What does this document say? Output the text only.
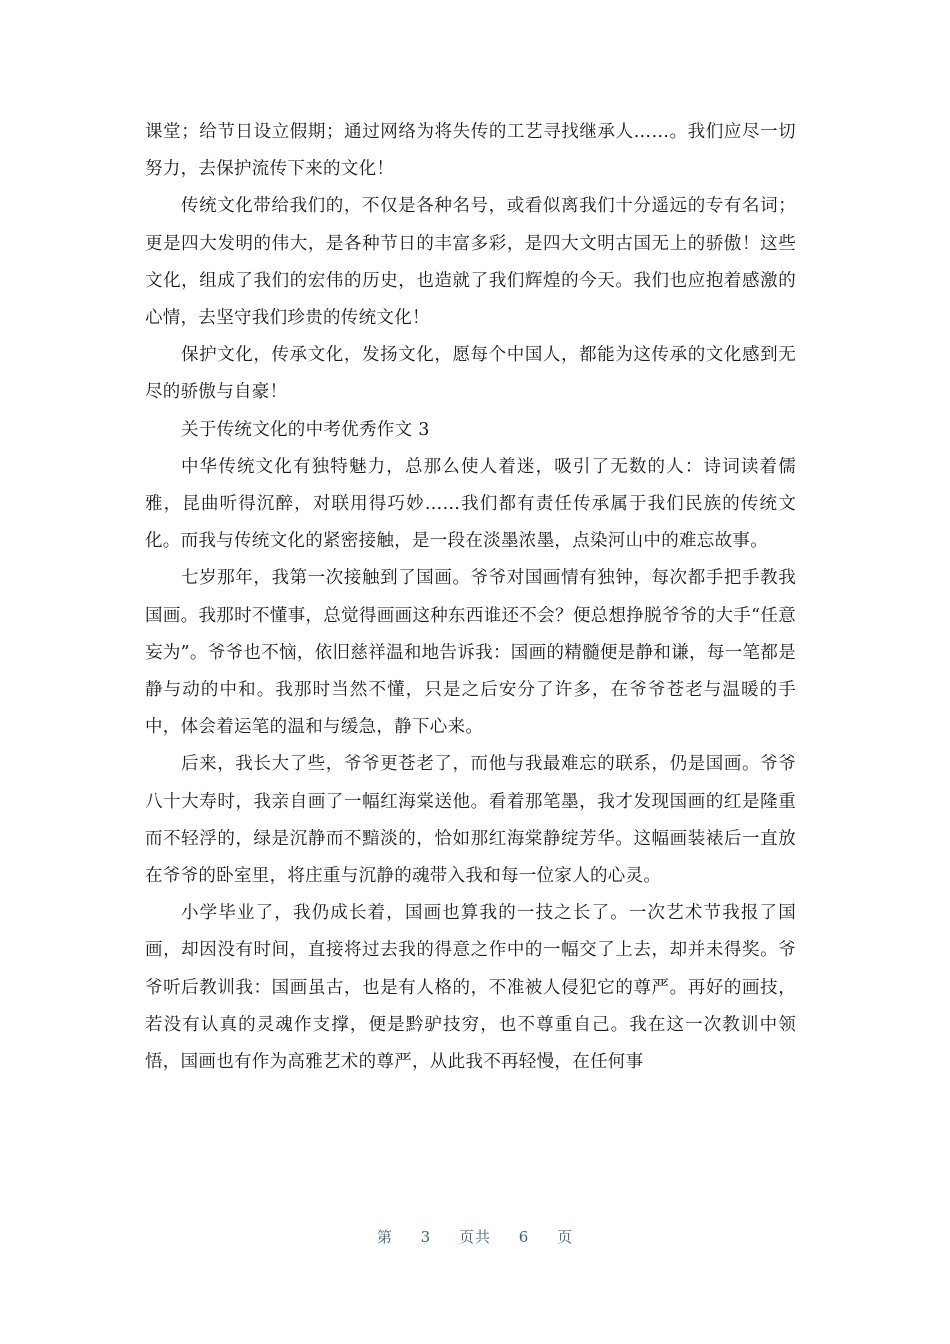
课堂；给节日设立假期；通过网络为将失传的工艺寻找继承人……。我们应尽一切努力，去保护流传下来的文化！

传统文化带给我们的，不仅是各种名号，或看似离我们十分遥远的专有名词；更是四大发明的伟大，是各种节日的丰富多彩，是四大文明古国无上的骄傲！这些文化，组成了我们的宏伟的历史，也造就了我们辉煌的今天。我们也应抱着感激的心情，去坚守我们珍贵的传统文化！

保护文化，传承文化，发扬文化，愿每个中国人，都能为这传承的文化感到无尽的骄傲与自豪！

关于传统文化的中考优秀作文 3

中华传统文化有独特魅力，总那么使人着迷，吸引了无数的人：诗词读着儒雅，昆曲听得沉醉，对联用得巧妙……我们都有责任传承属于我们民族的传统文化。而我与传统文化的紧密接触，是一段在淡墨浓墨，点染河山中的难忘故事。

七岁那年，我第一次接触到了国画。爷爷对国画情有独钟，每次都手把手教我国画。我那时不懂事，总觉得画画这种东西谁还不会？便总想挣脱爷爷的大手“任意妄为”。爷爷也不恼，依旧慈祥温和地告诉我：国画的精髓便是静和谦，每一笔都是静与动的中和。我那时当然不懂，只是之后安分了许多，在爷爷苍老与温暖的手中，体会着运笔的温和与缓急，静下心来。

后来，我长大了些，爷爷更苍老了，而他与我最难忘的联系，仍是国画。爷爷八十大寿时，我亲自画了一幅红海棠送他。看着那笔墨，我才发现国画的红是隆重而不轻浮的，绿是沉静而不黯淡的，恰如那红海棠静绽芳华。这幅画装裱后一直放在爷爷的卧室里，将庄重与沉静的魂带入我和每一位家人的心灵。

小学毕业了，我仍成长着，国画也算我的一技之长了。一次艺术节我报了国画，却因没有时间，直接将过去我的得意之作中的一幅交了上去，却并未得奖。爷爷听后教训我：国画虽古，也是有人格的，不准被人侵犯它的尊严。再好的画技，若没有认真的灵魂作支撑，便是黔驴技穷，也不尊重自己。我在这一次教训中领悟，国画也有作为高雅艺术的尊严，从此我不再轻慢，在任何事

第 3 页共 6 页
